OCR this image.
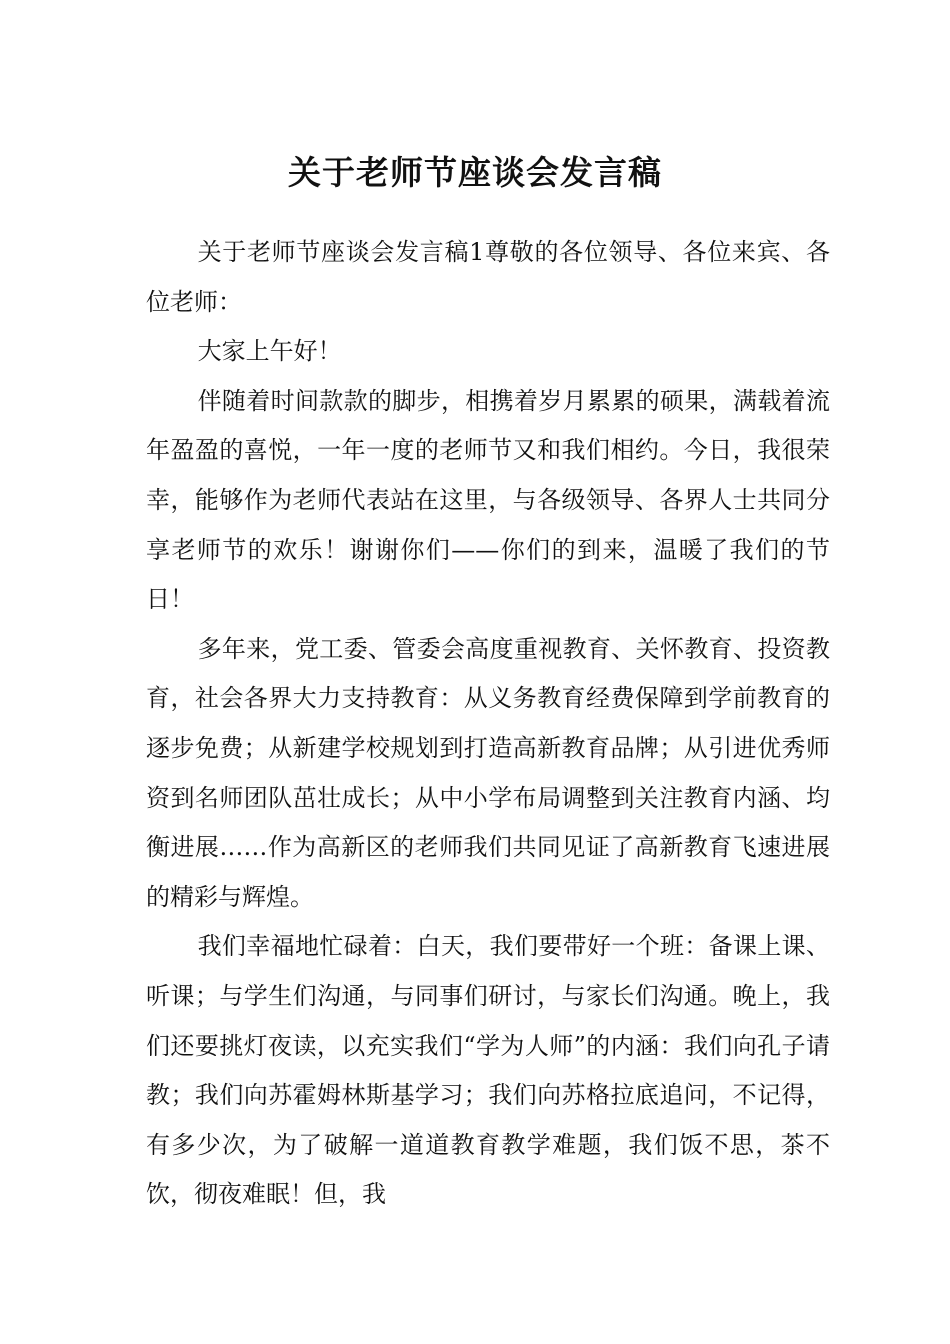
关于老师节座谈会发言稿

关于老师节座谈会发言稿1尊敬的各位领导、各位来宾、各位老师：

大家上午好！

伴随着时间款款的脚步，相携着岁月累累的硕果，满载着流年盈盈的喜悦，一年一度的老师节又和我们相约。今日，我很荣幸，能够作为老师代表站在这里，与各级领导、各界人士共同分享老师节的欢乐！谢谢你们——你们的到来，温暖了我们的节日！

多年来，党工委、管委会高度重视教育、关怀教育、投资教育，社会各界大力支持教育：从义务教育经费保障到学前教育的逐步免费；从新建学校规划到打造高新教育品牌；从引进优秀师资到名师团队茁壮成长；从中小学布局调整到关注教育内涵、均衡进展……作为高新区的老师我们共同见证了高新教育飞速进展的精彩与辉煌。

我们幸福地忙碌着：白天，我们要带好一个班：备课上课、听课；与学生们沟通，与同事们研讨，与家长们沟通。晚上，我们还要挑灯夜读，以充实我们“学为人师”的内涵：我们向孔子请教；我们向苏霍姆林斯基学习；我们向苏格拉底追问，不记得，有多少次，为了破解一道道教育教学难题，我们饭不思，茶不饮，彻夜难眠！但，我
